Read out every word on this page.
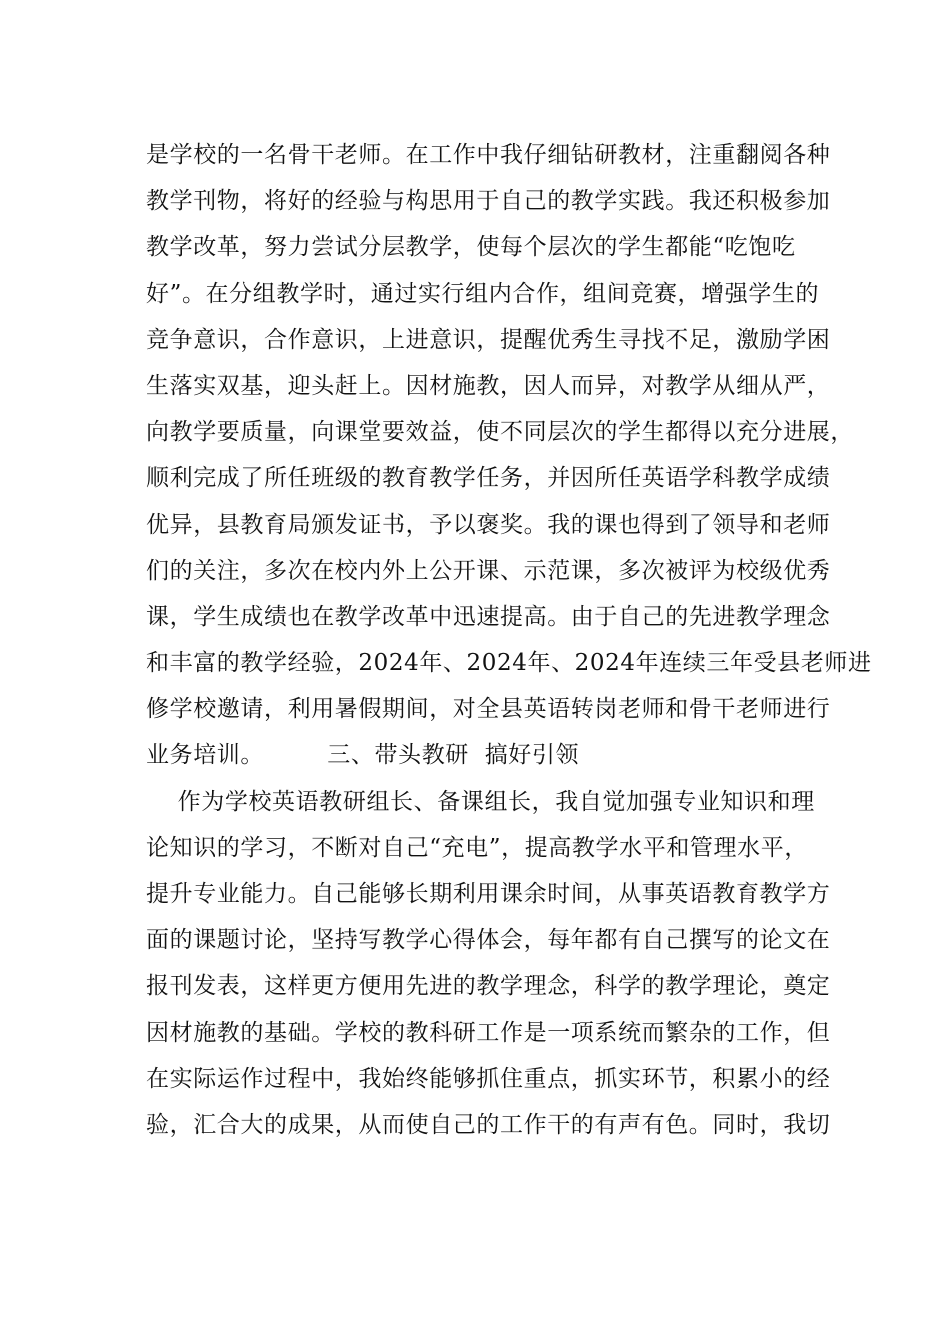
是学校的一名骨干老师。在工作中我仔细钻研教材，注重翻阅各种
教学刊物，将好的经验与构思用于自己的教学实践。我还积极参加
教学改革，努力尝试分层教学，使每个层次的学生都能“吃饱吃
好”。在分组教学时，通过实行组内合作，组间竞赛，增强学生的
竞争意识，合作意识，上进意识，提醒优秀生寻找不足，激励学困
生落实双基，迎头赶上。因材施教，因人而异，对教学从细从严，
向教学要质量，向课堂要效益，使不同层次的学生都得以充分进展，
顺利完成了所任班级的教育教学任务，并因所任英语学科教学成绩
优异，县教育局颁发证书，予以褒奖。我的课也得到了领导和老师
们的关注，多次在校内外上公开课、示范课，多次被评为校级优秀
课，学生成绩也在教学改革中迅速提高。由于自己的先进教学理念
和丰富的教学经验，2024年、2024年、2024年连续三年受县老师进
修学校邀请，利用暑假期间，对全县英语转岗老师和骨干老师进行
业务培训。        三、带头教研  搞好引领
作为学校英语教研组长、备课组长，我自觉加强专业知识和理
论知识的学习，不断对自己“充电”，提高教学水平和管理水平，
提升专业能力。自己能够长期利用课余时间，从事英语教育教学方
面的课题讨论，坚持写教学心得体会，每年都有自己撰写的论文在
报刊发表，这样更方便用先进的教学理念，科学的教学理论，奠定
因材施教的基础。学校的教科研工作是一项系统而繁杂的工作，但
在实际运作过程中，我始终能够抓住重点，抓实环节，积累小的经
验，汇合大的成果，从而使自己的工作干的有声有色。同时，我切
